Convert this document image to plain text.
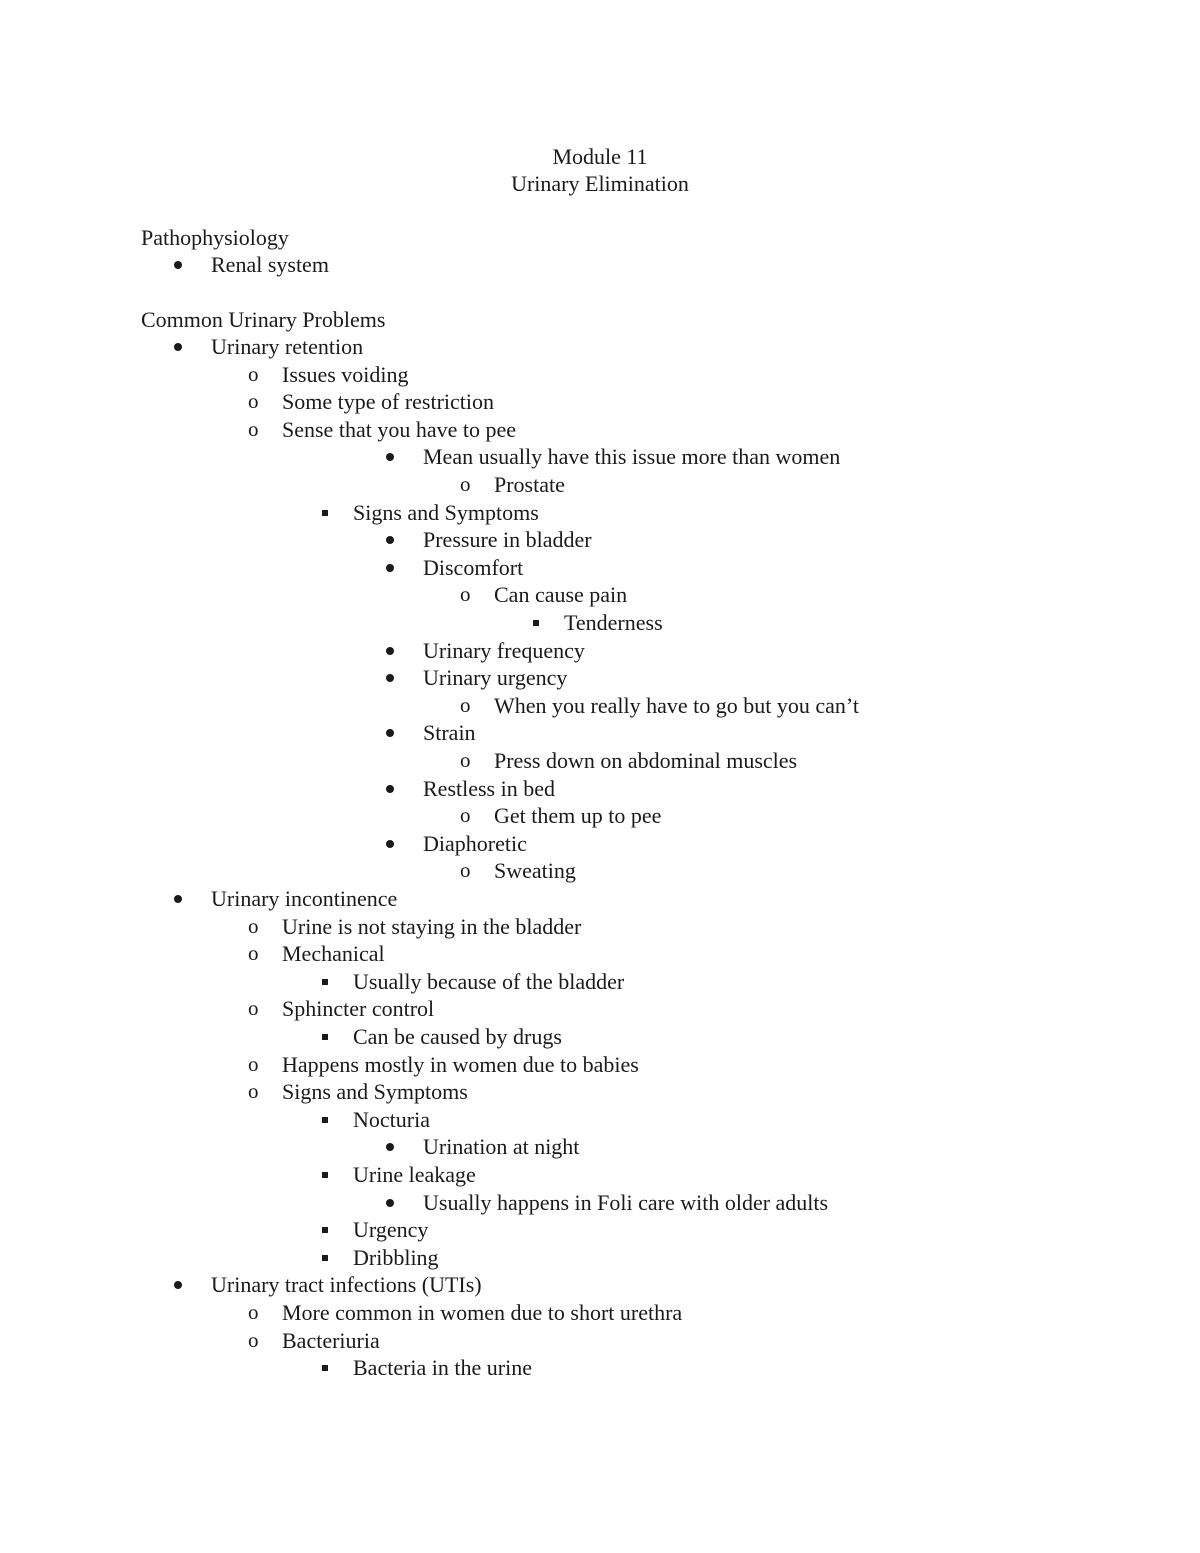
Module 11
Urinary Elimination
Pathophysiology
Renal system
Common Urinary Problems
Urinary retention
o Issues voiding
o Some type of restriction
o Sense that you have to pee
Mean usually have this issue more than women
o Prostate
Signs and Symptoms
Pressure in bladder
Discomfort
o Can cause pain
Tenderness
Urinary frequency
Urinary urgency
o When you really have to go but you can’t
Strain
o Press down on abdominal muscles
Restless in bed
o Get them up to pee
Diaphoretic
o Sweating
Urinary incontinence
o Urine is not staying in the bladder
o Mechanical
Usually because of the bladder
o Sphincter control
Can be caused by drugs
o Happens mostly in women due to babies
o Signs and Symptoms
Nocturia
Urination at night
Urine leakage
Usually happens in Foli care with older adults
Urgency
Dribbling
Urinary tract infections (UTIs)
o More common in women due to short urethra
o Bacteriuria
Bacteria in the urine
